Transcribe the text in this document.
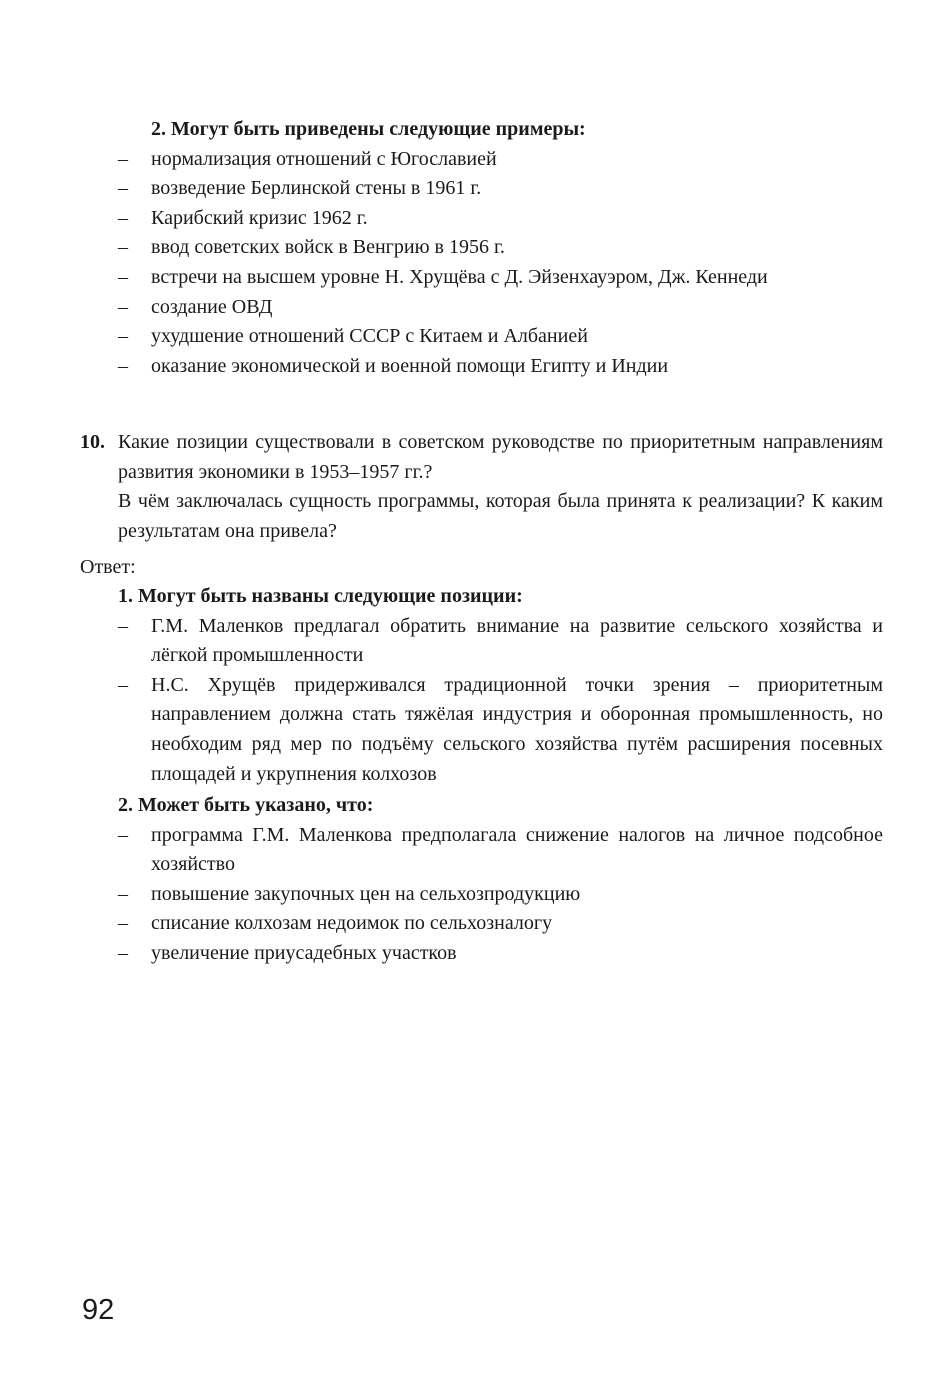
2. Могут быть приведены следующие примеры:
– нормализация отношений с Югославией
– возведение Берлинской стены в 1961 г.
– Карибский кризис 1962 г.
– ввод советских войск в Венгрию в 1956 г.
– встречи на высшем уровне Н. Хрущёва с Д. Эйзенхауэром, Дж. Кеннеди
– создание ОВД
– ухудшение отношений СССР с Китаем и Албанией
– оказание экономической и военной помощи Египту и Индии
10. Какие позиции существовали в советском руководстве по приоритетным направлениям развития экономики в 1953–1957 гг.?
В чём заключалась сущность программы, которая была принята к реализации? К каким результатам она привела?
Ответ:
1. Могут быть названы следующие позиции:
– Г.М. Маленков предлагал обратить внимание на развитие сельского хозяйства и лёгкой промышленности
– Н.С. Хрущёв придерживался традиционной точки зрения – приоритетным направлением должна стать тяжёлая индустрия и оборонная промышленность, но необходим ряд мер по подъёму сельского хозяйства путём расширения посевных площадей и укрупнения колхозов
2. Может быть указано, что:
– программа Г.М. Маленкова предполагала снижение налогов на личное подсобное хозяйство
– повышение закупочных цен на сельхозпродукцию
– списание колхозам недоимок по сельхозналогу
– увеличение приусадебных участков
92
